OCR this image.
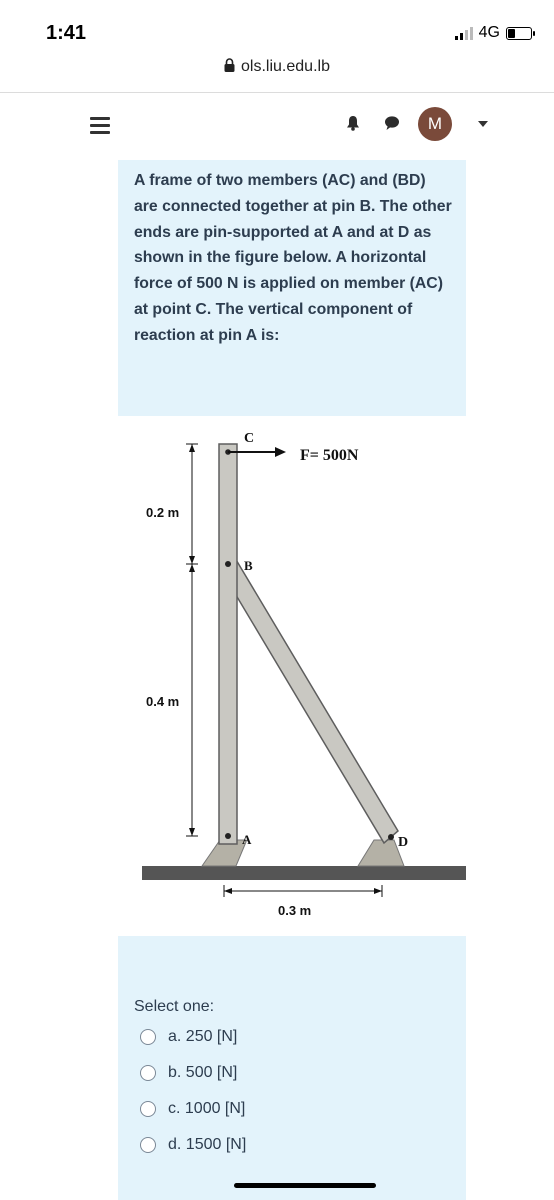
1:41	4G
ols.liu.edu.lb
M

A frame of two members (AC) and (BD) are connected together at pin B. The other ends are pin-supported at A and at D as shown in the figure below. A horizontal force of 500 N is applied on member (AC) at point C. The vertical component of reaction at pin A is:

C
B
A	D
F= 500N
0.2 m
0.4 m
0.3 m
Select one:
a. 250 [N]
b. 500 [N]
c. 1000 [N]
d. 1500 [N]
